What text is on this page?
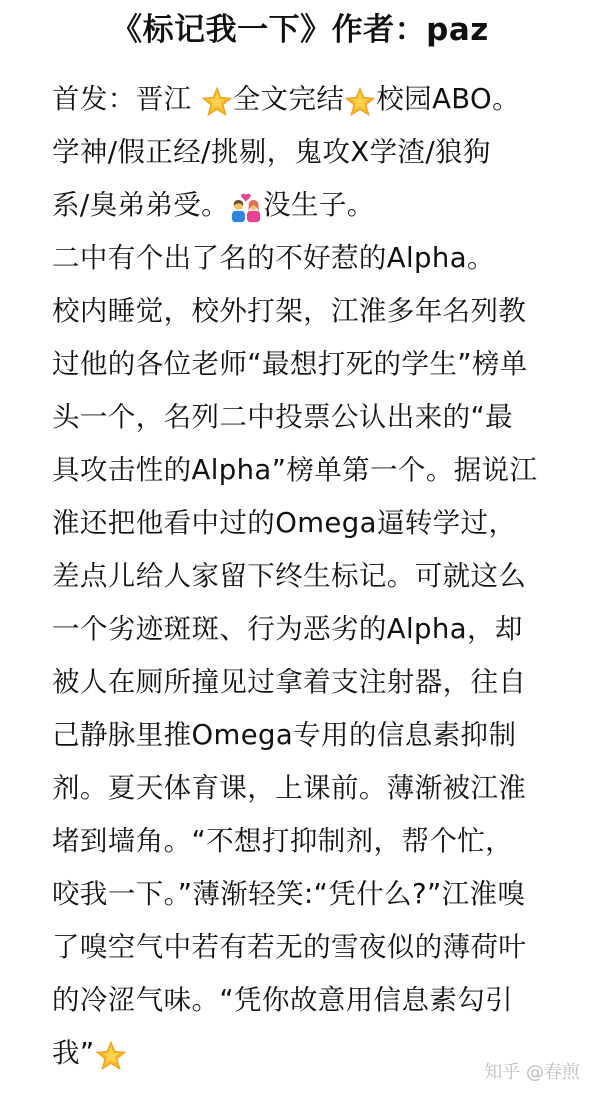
《标记我一下》作者：paz
首发：晋江 全文完结 校园ABO。
学神/假正经/挑剔，鬼攻X学渣/狼狗
系/臭弟弟受。 没生子。
二中有个出了名的不好惹的Alpha。
校内睡觉，校外打架，江淮多年名列教
过他的各位老师“最想打死的学生”榜单
头一个，名列二中投票公认出来的“最
具攻击性的Alpha”榜单第一个。据说江
淮还把他看中过的Omega逼转学过，
差点儿给人家留下终生标记。可就这么
一个劣迹斑斑、行为恶劣的Alpha，却
被人在厕所撞见过拿着支注射器，往自
己静脉里推Omega专用的信息素抑制
剂。夏天体育课，上课前。薄渐被江淮
堵到墙角。“不想打抑制剂，帮个忙，
咬我一下。”薄渐轻笑:“凭什么?”江淮嗅
了嗅空气中若有若无的雪夜似的薄荷叶
的冷涩气味。“凭你故意用信息素勾引
我”
知乎 @春煎
